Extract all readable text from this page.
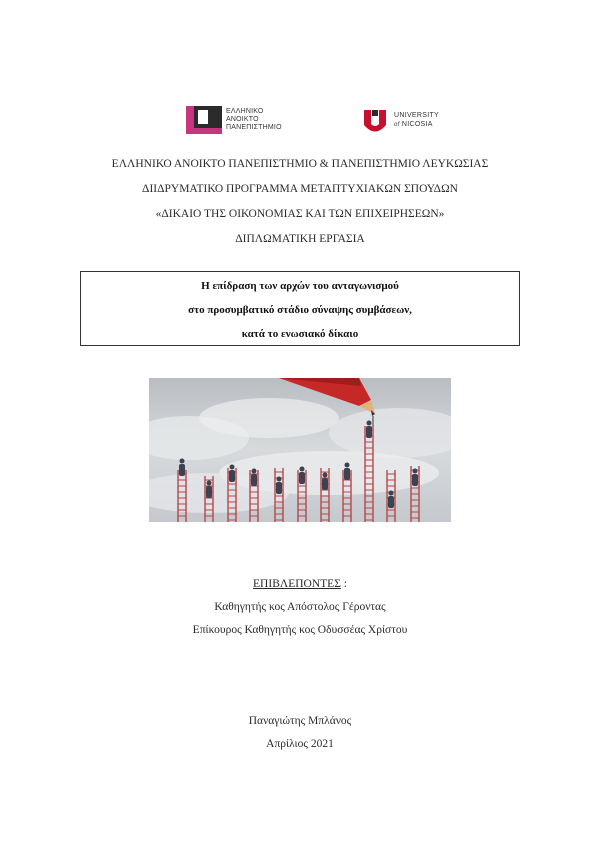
ΕΛΛΗΝΙΚΟ
ΑΝΟΙΚΤΟ
ΠΑΝΕΠΙΣΤΗΜΙΟ
UNIVERSITY
of NICOSIA
ΕΛΛΗΝΙΚΟ ΑΝΟΙΚΤΟ ΠΑΝΕΠΙΣΤΗΜΙΟ & ΠΑΝΕΠΙΣΤΗΜΙΟ ΛΕΥΚΩΣΙΑΣ
ΔΙΙΔΡΥΜΑΤΙΚΟ ΠΡΟΓΡΑΜΜΑ ΜΕΤΑΠΤΥΧΙΑΚΩΝ ΣΠΟΥΔΩΝ
«ΔΙΚΑΙΟ ΤΗΣ ΟΙΚΟΝΟΜΙΑΣ ΚΑΙ ΤΩΝ ΕΠΙΧΕΙΡΗΣΕΩΝ»
ΔΙΠΛΩΜΑΤΙΚΗ ΕΡΓΑΣΙΑ
Η επίδραση των αρχών του ανταγωνισμού
στο προσυμβατικό στάδιο σύναψης συμβάσεων,
κατά το ενωσιακό δίκαιο
ΕΠΙΒΛΕΠΟΝΤΕΣ :
Καθηγητής κος Απόστολος Γέροντας
Επίκουρος Καθηγητής κος Οδυσσέας Χρίστου
Παναγιώτης Μπλάνος
Απρίλιος 2021
